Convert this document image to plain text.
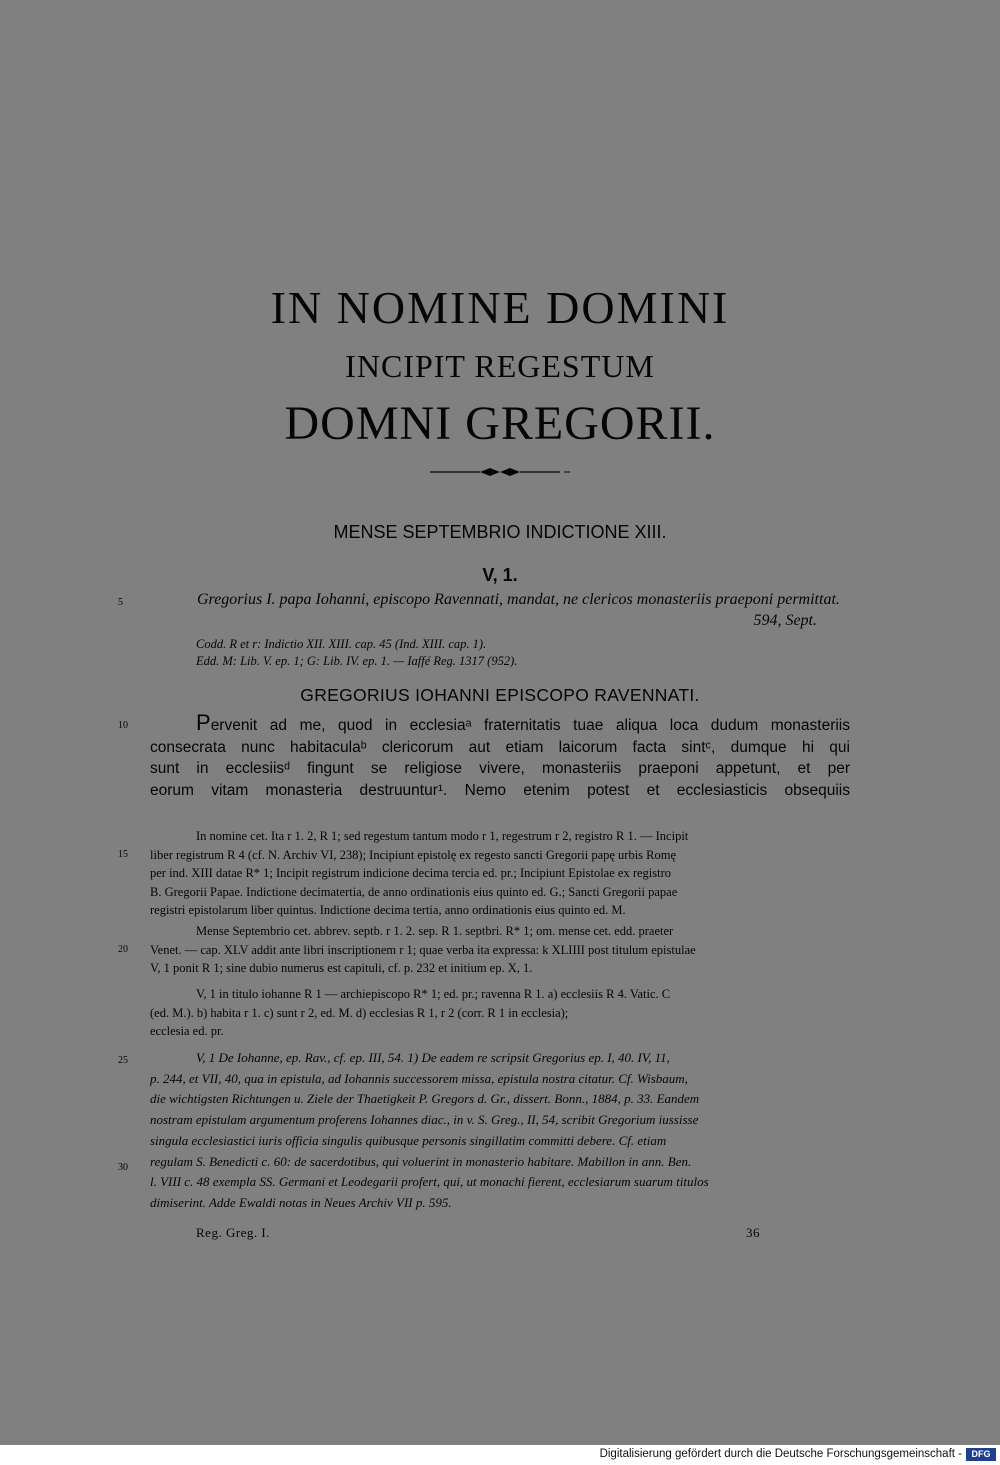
IN NOMINE DOMINI
INCIPIT REGESTUM
DOMNI GREGORII.
MENSE SEPTEMBRIO INDICTIONE XIII.
V, 1.
5
10
15
20
25
30
Gregorius I. papa Iohanni, episcopo Ravennati, mandat, ne clericos monasteriis praeponi permittat.
594, Sept.
Codd. R et r: Indictio XII. XIII. cap. 45 (Ind. XIII. cap. 1).
Edd. M: Lib. V. ep. 1; G: Lib. IV. ep. 1. — Iaffé Reg. 1317 (952).
GREGORIUS IOHANNI EPISCOPO RAVENNATI.
Pervenit ad me, quod in ecclesiaᵃ fraternitatis tuae aliqua loca dudum monasteriis
consecrata nunc habitaculaᵇ clericorum aut etiam laicorum facta sintᶜ, dumque hi qui
sunt in ecclesiisᵈ fingunt se religiose vivere, monasteriis praeponi appetunt, et per
eorum vitam monasteria destruuntur¹. Nemo etenim potest et ecclesiasticis obsequiis
In nomine cet. Ita r 1. 2, R 1; sed regestum tantum modo r 1, regestrum r 2, registro R 1. — Incipit
liber registrum R 4 (cf. N. Archiv VI, 238); Incipiunt epistolę ex regesto sancti Gregorii papę urbis Romę
per ind. XIII datae R* 1; Incipit registrum indicione decima tercia ed. pr.; Incipiunt Epistolae ex registro
B. Gregorii Papae. Indictione decimatertia, de anno ordinationis eius quinto ed. G.; Sancti Gregorii papae
registri epistolarum liber quintus. Indictione decima tertia, anno ordinationis eius quinto ed. M.
Mense Septembrio cet. abbrev. septb. r 1. 2. sep. R 1. septbri. R* 1; om. mense cet. edd. praeter
Venet. — cap. XLV addit ante libri inscriptionem r 1; quae verba ita expressa: k XLIIII post titulum epistulae
V, 1 ponit R 1; sine dubio numerus est capituli, cf. p. 232 et initium ep. X, 1.
V, 1 in titulo iohanne R 1 — archiepiscopo R* 1; ed. pr.; ravenna R 1. a) ecclesiis R 4. Vatic. C
(ed. M.). b) habita r 1. c) sunt r 2, ed. M. d) ecclesias R 1, r 2 (corr. R 1 in ecclesia);
ecclesia ed. pr.
V, 1 De Iohanne, ep. Rav., cf. ep. III, 54. 1) De eadem re scripsit Gregorius ep. I, 40. IV, 11,
p. 244, et VII, 40, qua in epistula, ad Iohannis successorem missa, epistula nostra citatur. Cf. Wisbaum,
die wichtigsten Richtungen u. Ziele der Thaetigkeit P. Gregors d. Gr., dissert. Bonn., 1884, p. 33. Eandem
nostram epistulam argumentum proferens Iohannes diac., in v. S. Greg., II, 54, scribit Gregorium iussisse
singula ecclesiastici iuris officia singulis quibusque personis singillatim committi debere. Cf. etiam
regulam S. Benedicti c. 60: de sacerdotibus, qui voluerint in monasterio habitare. Mabillon in ann. Ben.
l. VIII c. 48 exempla SS. Germani et Leodegarii profert, qui, ut monachi fierent, ecclesiarum suarum titulos
dimiserint. Adde Ewaldi notas in Neues Archiv VII p. 595.
Reg. Greg. I.	36
Digitalisierung gefördert durch die Deutsche Forschungsgemeinschaft -	DFG
